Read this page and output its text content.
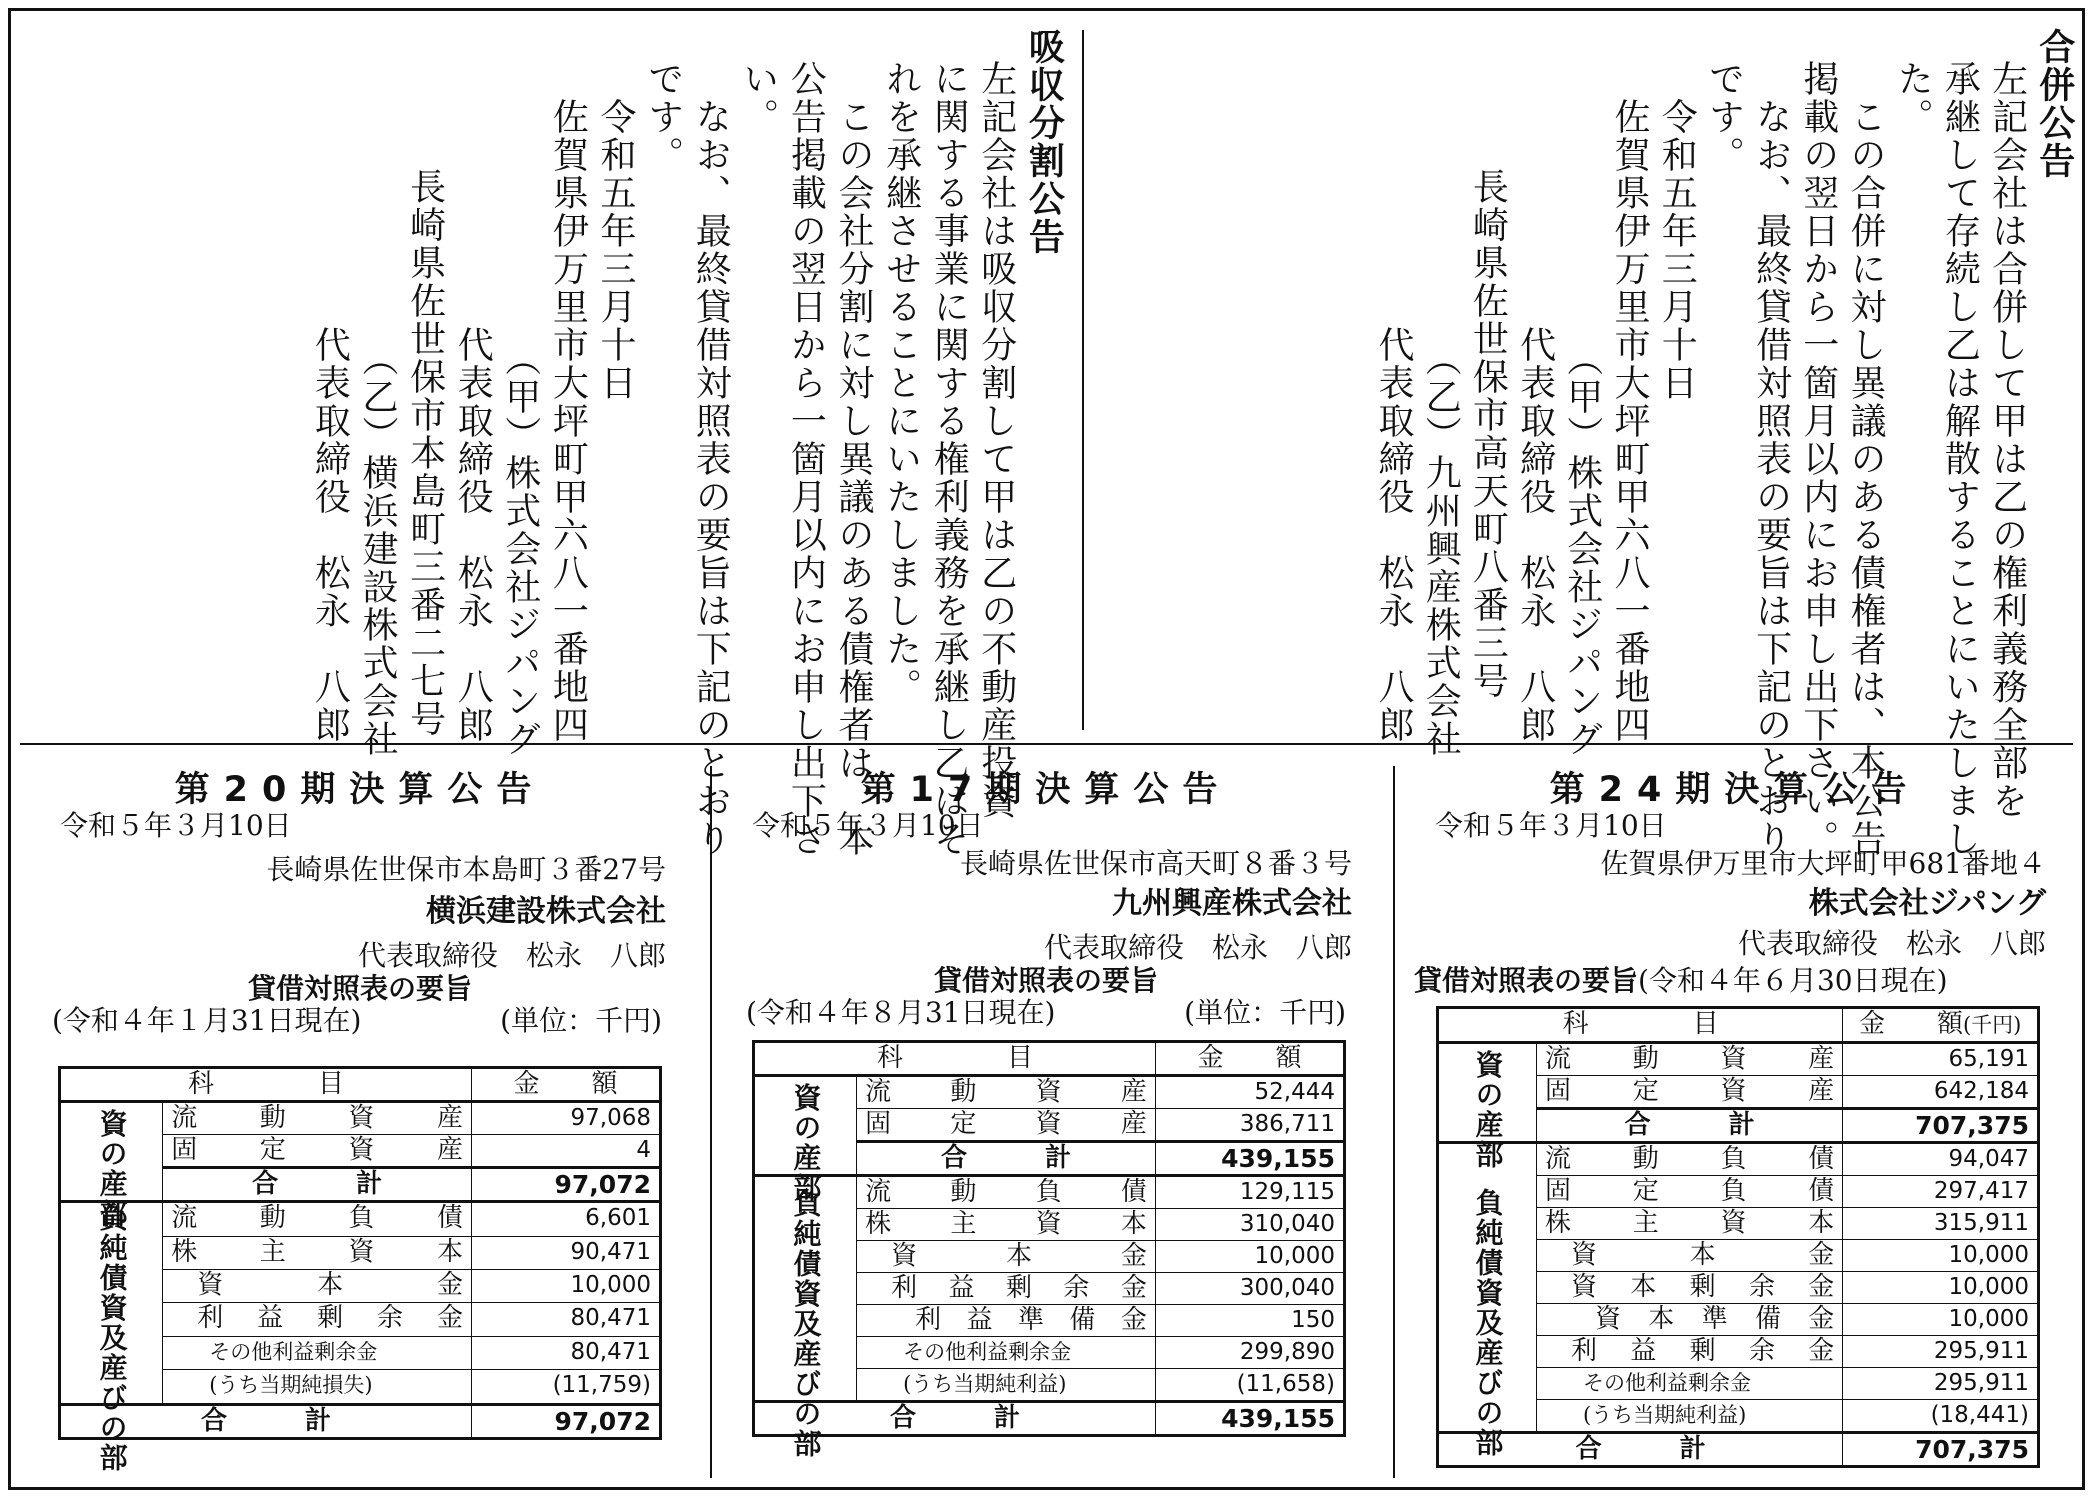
合併公告
左記会社は合併して甲は乙の権利義務全部を
承継して存続し乙は解散することにいたしまし
た。
この合併に対し異議のある債権者は、本公告
掲載の翌日から一箇月以内にお申し出下さい。
なお、最終貸借対照表の要旨は下記のとおり
です。
令和五年三月十日
佐賀県伊万里市大坪町甲六八一番地四
（甲）株式会社ジパング
代表取締役　松永　八郎
長崎県佐世保市高天町八番三号
（乙）九州興産株式会社
代表取締役　松永　八郎
吸収分割公告
左記会社は吸収分割して甲は乙の不動産投資
に関する事業に関する権利義務を承継し乙はそ
れを承継させることにいたしました。
この会社分割に対し異議のある債権者は、本
公告掲載の翌日から一箇月以内にお申し出下さ
い。
なお、最終貸借対照表の要旨は下記のとおり
です。
令和五年三月十日
佐賀県伊万里市大坪町甲六八一番地四
（甲）株式会社ジパング
代表取締役　松永　八郎
長崎県佐世保市本島町三番二七号
（乙）横浜建設株式会社
代表取締役　松永　八郎
第20期決算公告
令和５年３月10日
長崎県佐世保市本島町３番27号
横浜建設株式会社
代表取締役　松永　八郎
貸借対照表の要旨
(令和４年１月31日現在)	(単位：千円)
科　　　　目		金　　額
資の産部	流動資産	97,068

	固定資産	4
	合　　　計	97,072
負純債資及産びの部	流動負債	6,601

	株主資本	90,471

	資本金	10,000

	利益剰余金	80,471

	その他利益剰余金	80,471

	(うち当期純損失)	(11,759)
合　　　計		97,072
第17期決算公告
令和５年３月10日
長崎県佐世保市高天町８番３号
九州興産株式会社
代表取締役　松永　八郎
貸借対照表の要旨
(令和４年８月31日現在)	(単位：千円)
科　　　　目		金　　額
資の産部	流動資産	52,444

	固定資産	386,711
	合　　　計	439,155
負純債資及産びの部	流動負債	129,115

	株主資本	310,040

	資本金	10,000

	利益剰余金	300,040

	利益準備金	150

	その他利益剰余金	299,890

	(うち当期純利益)	(11,658)
合　　　計		439,155
第24期決算公告
令和５年３月10日
佐賀県伊万里市大坪町甲681番地４
株式会社ジパング
代表取締役　松永　八郎
貸借対照表の要旨(令和４年６月30日現在)
科　　　　目		金　　額(千円)
資の産部	流動資産	65,191

	固定資産	642,184
	合　　　計	707,375
負純債資及産びの部	流動負債	94,047

	固定負債	297,417

	株主資本	315,911

	資本金	10,000

	資本剰余金	10,000

	資本準備金	10,000

	利益剰余金	295,911

	その他利益剰余金	295,911

	(うち当期純利益)	(18,441)
合　　　計		707,375
